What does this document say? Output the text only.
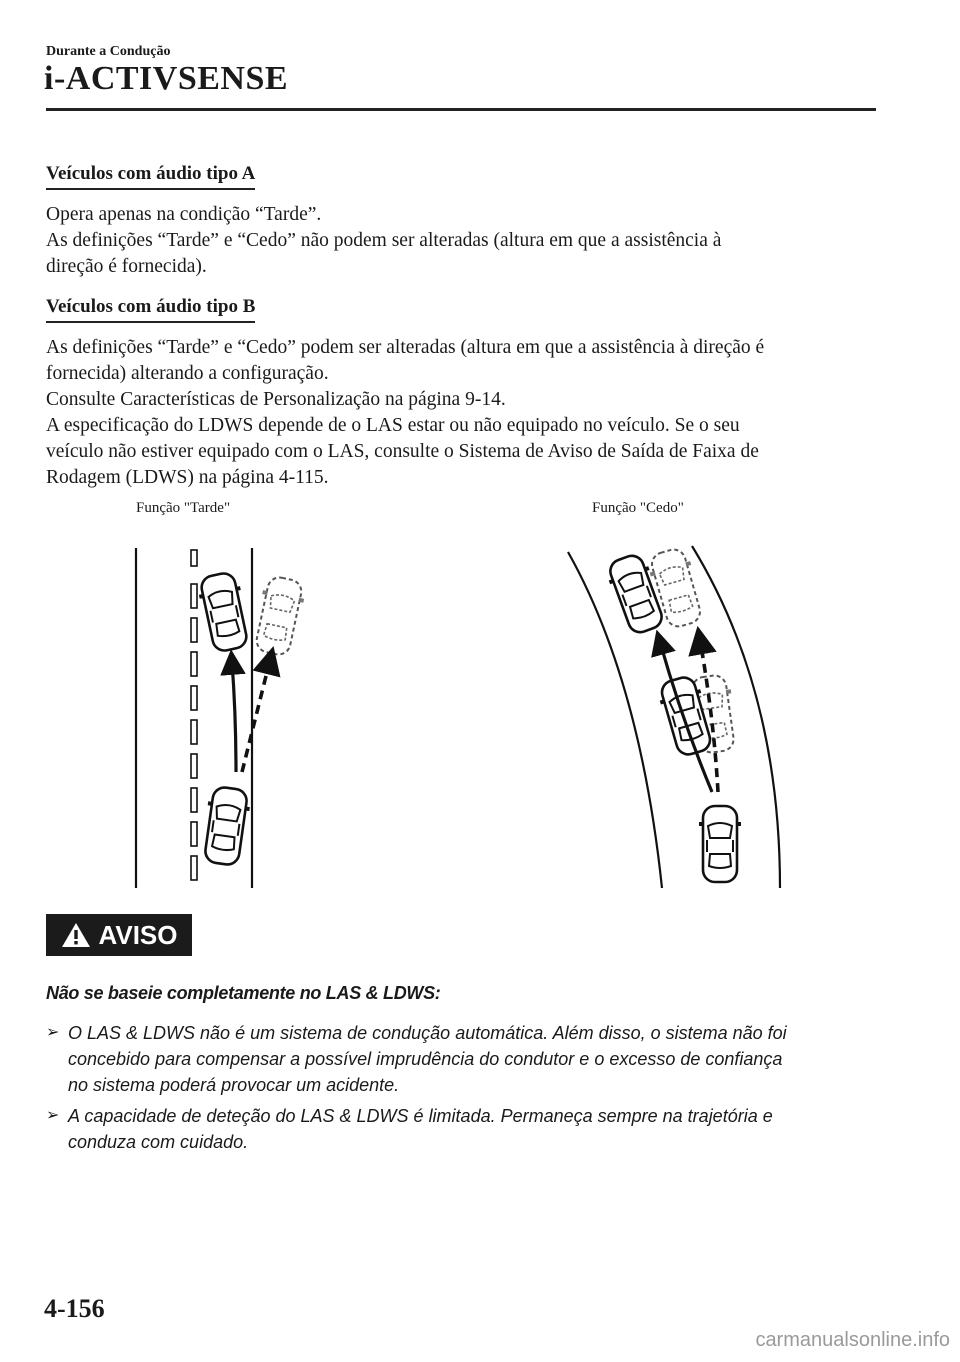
Durante a Condução
i-ACTIVSENSE
Veículos com áudio tipo A
Opera apenas na condição “Tarde”.
As definições “Tarde” e “Cedo” não podem ser alteradas (altura em que a assistência à
direção é fornecida).
Veículos com áudio tipo B
As definições “Tarde” e “Cedo” podem ser alteradas (altura em que a assistência à direção é
fornecida) alterando a configuração.
Consulte Características de Personalização na página 9-14.
A especificação do LDWS depende de o LAS estar ou não equipado no veículo. Se o seu
veículo não estiver equipado com o LAS, consulte o Sistema de Aviso de Saída de Faixa de
Rodagem (LDWS) na página 4-115.
Função "Tarde"	Função "Cedo"
AVISO
Não se baseie completamente no LAS & LDWS:
➢ O LAS & LDWS não é um sistema de condução automática. Além disso, o sistema não foi
concebido para compensar a possível imprudência do condutor e o excesso de confiança
no sistema poderá provocar um acidente.
➢ A capacidade de deteção do LAS & LDWS é limitada. Permaneça sempre na trajetória e
conduza com cuidado.
4-156
carmanualsonline.info
